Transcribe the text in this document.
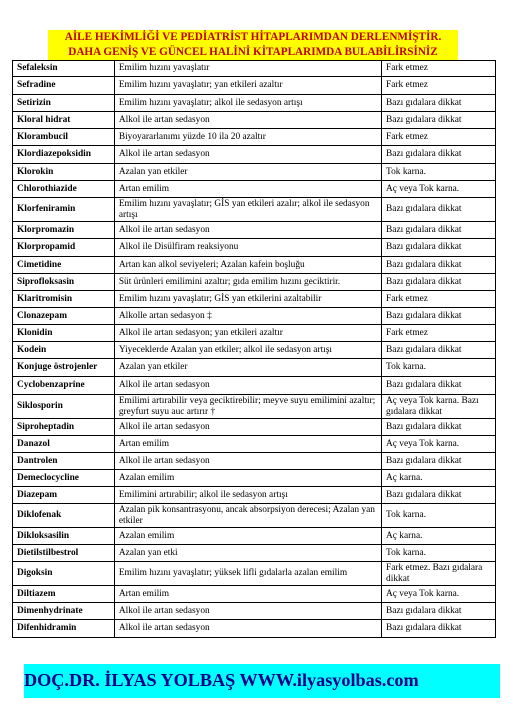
AİLE HEKİMLİĞİ VE PEDİATRİST HİTAPLARIMDAN DERLENMİŞTİR.
DAHA GENİŞ VE GÜNCEL HALİNİ KİTAPLARIMDA BULABİLİRSİNİZ
Sefaleksin	Emilim hızını yavaşlatır	Fark etmez
Sefradine	Emilim hızını yavaşlatır; yan etkileri azaltır	Fark etmez
Setirizin	Emilim hızını yavaşlatır; alkol ile sedasyon artışı	Bazı gıdalara dikkat
Kloral hidrat	Alkol ile artan sedasyon	Bazı gıdalara dikkat
Klorambucil	Biyoyararlanımı yüzde 10 ila 20 azaltır	Fark etmez
Klordiazepoksidin	Alkol ile artan sedasyon	Bazı gıdalara dikkat
Klorokin	Azalan yan etkiler	Tok karna.
Chlorothiazide	Artan emilim	Aç veya Tok karna.
Klorfeniramin	Emilim hızını yavaşlatır; GİS yan etkileri azalır; alkol ile sedasyon artışı	Bazı gıdalara dikkat
Klorpromazin	Alkol ile artan sedasyon	Bazı gıdalara dikkat
Klorpropamid	Alkol ile Disülfiram reaksiyonu	Bazı gıdalara dikkat
Cimetidine	Artan kan alkol seviyeleri; Azalan kafein boşluğu	Bazı gıdalara dikkat
Siprofloksasin	Süt ürünleri emilimini azaltır; gıda emilim hızını geciktirir.	Bazı gıdalara dikkat
Klaritromisin	Emilim hızını yavaşlatır; GİS yan etkilerini azaltabilir	Fark etmez
Clonazepam	Alkolle artan sedasyon ‡	Bazı gıdalara dikkat
Klonidin	Alkol ile artan sedasyon; yan etkileri azaltır	Fark etmez
Kodein	Yiyeceklerde Azalan yan etkiler; alkol ile sedasyon artışı	Bazı gıdalara dikkat
Konjuge östrojenler	Azalan yan etkiler	Tok karna.
Cyclobenzaprine	Alkol ile artan sedasyon	Bazı gıdalara dikkat
Siklosporin	Emilimi artırabilir veya geciktirebilir; meyve suyu emilimini azaltır; greyfurt suyu auc artırır †	Aç veya Tok karna. Bazı gıdalara dikkat
Siproheptadin	Alkol ile artan sedasyon	Bazı gıdalara dikkat
Danazol	Artan emilim	Aç veya Tok karna.
Dantrolen	Alkol ile artan sedasyon	Bazı gıdalara dikkat
Demeclocycline	Azalan emilim	Aç karna.
Diazepam	Emilimini artırabilir; alkol ile sedasyon artışı	Bazı gıdalara dikkat
Diklofenak	Azalan pik konsantrasyonu, ancak absorpsiyon derecesi; Azalan yan etkiler	Tok karna.
Dikloksasilin	Azalan emilim	Aç karna.
Dietilstilbestrol	Azalan yan etki	Tok karna.
Digoksin	Emilim hızını yavaşlatır; yüksek lifli gıdalarla azalan emilim	Fark etmez. Bazı gıdalara dikkat
Diltiazem	Artan emilim	Aç veya Tok karna.
Dimenhydrinate	Alkol ile artan sedasyon	Bazı gıdalara dikkat
Difenhidramin	Alkol ile artan sedasyon	Bazı gıdalara dikkat
DOÇ.DR. İLYAS YOLBAŞ WWW.ilyasyolbas.com
